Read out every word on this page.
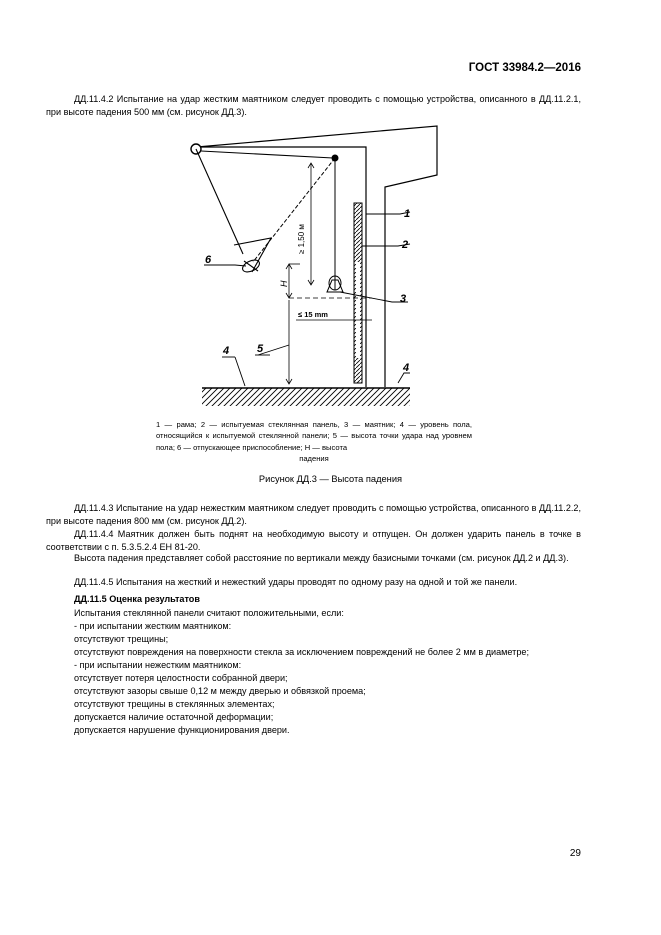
ГОСТ 33984.2—2016
ДД.11.4.2 Испытание на удар жестким маятником следует проводить с помощью устройства, описанного в ДД.11.2.1, при высоте падения 500 мм (см. рисунок ДД.3).
≥ 1,50 м
H
≤ 15 mm
1
2
3
4	5
6
4
1 — рама; 2 — испытуемая стеклянная панель, 3 — маятник; 4 — уровень пола, относящийся к испытуемой стеклянной панели; 5 — высота точки удара над уровнем пола; 6 — отпускающее приспособление; H — высота
падения
Рисунок ДД.3 — Высота падения
ДД.11.4.3 Испытание на удар нежестким маятником следует проводить с помощью устройства, описанного в ДД.11.2.2, при высоте падения 800 мм (см. рисунок ДД.2).
ДД.11.4.4 Маятник должен быть поднят на необходимую высоту и отпущен. Он должен ударить панель в точке в соответствии с п. 5.3.5.2.4 ЕН 81-20.
Высота падения представляет собой расстояние по вертикали между базисными точками (см. рисунок ДД.2 и ДД.3).
ДД.11.4.5 Испытания на жесткий и нежесткий удары проводят по одному разу на одной и той же панели.
ДД.11.5 Оценка результатов
Испытания стеклянной панели считают положительными, если:
- при испытании жестким маятником:
отсутствуют трещины;
отсутствуют повреждения на поверхности стекла за исключением повреждений не более 2 мм в диаметре;
- при испытании нежестким маятником:
отсутствует потеря целостности собранной двери;
отсутствуют зазоры свыше 0,12 м между дверью и обвязкой проема;
отсутствуют трещины в стеклянных элементах;
допускается наличие остаточной деформации;
допускается нарушение функционирования двери.
29
